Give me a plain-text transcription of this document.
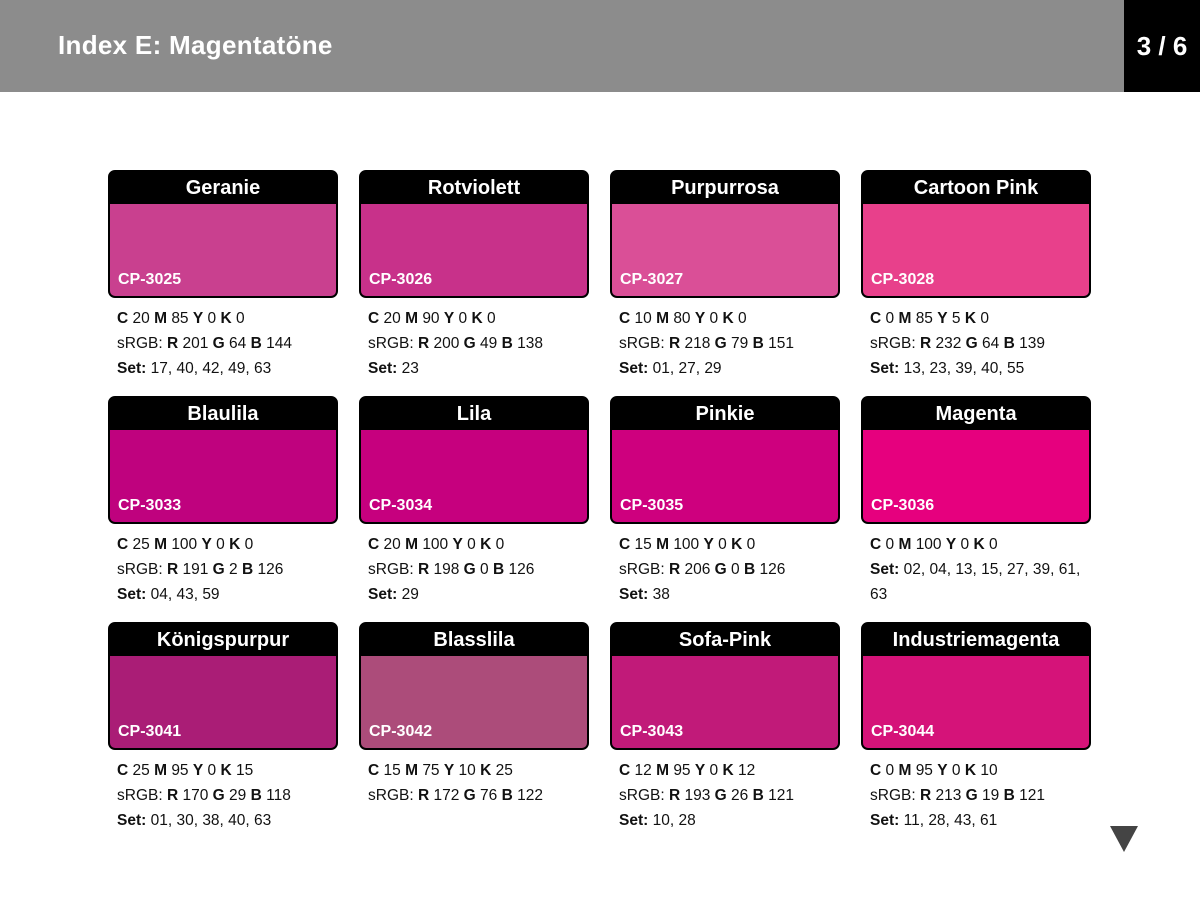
Index E: Magentatöne	3 / 6
Geranie
CP-3025
C 20 M 85 Y 0 K 0
sRGB: R 201 G 64 B 144
Set: 17, 40, 42, 49, 63
Rotviolett
CP-3026
C 20 M 90 Y 0 K 0
sRGB: R 200 G 49 B 138
Set: 23
Purpurrosa
CP-3027
C 10 M 80 Y 0 K 0
sRGB: R 218 G 79 B 151
Set: 01, 27, 29
Cartoon Pink
CP-3028
C 0 M 85 Y 5 K 0
sRGB: R 232 G 64 B 139
Set: 13, 23, 39, 40, 55
Blaulila
CP-3033
C 25 M 100 Y 0 K 0
sRGB: R 191 G 2 B 126
Set: 04, 43, 59
Lila
CP-3034
C 20 M 100 Y 0 K 0
sRGB: R 198 G 0 B 126
Set: 29
Pinkie
CP-3035
C 15 M 100 Y 0 K 0
sRGB: R 206 G 0 B 126
Set: 38
Magenta
CP-3036
C 0 M 100 Y 0 K 0
Set: 02, 04, 13, 15, 27, 39, 61, 63
Königspurpur
CP-3041
C 25 M 95 Y 0 K 15
sRGB: R 170 G 29 B 118
Set: 01, 30, 38, 40, 63
Blasslila
CP-3042
C 15 M 75 Y 10 K 25
sRGB: R 172 G 76 B 122
Sofa-Pink
CP-3043
C 12 M 95 Y 0 K 12
sRGB: R 193 G 26 B 121
Set: 10, 28
Industriemagenta
CP-3044
C 0 M 95 Y 0 K 10
sRGB: R 213 G 19 B 121
Set: 11, 28, 43, 61
